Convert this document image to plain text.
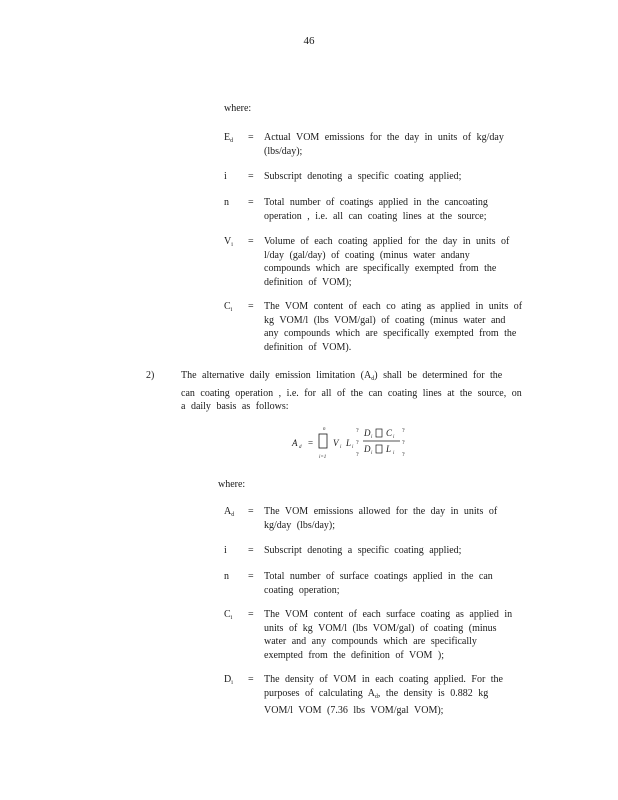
46
where:
$E_d$	=	Actual VOM emissions for the day in units of kg/day
(lbs/day);
i	=	Subscript denoting a specific coating applied;
n	=	Total number of coatings applied in the cancoating
operation , i.e. all can coating lines at the source;
$V_i$	=	Volume of each coating applied for the day in units of
l/day (gal/day) of coating (minus water andany
compounds which are specifically exempted from the
definition of VOM);
$C_i$	=	The VOM content of each co ating as applied in units of
kg VOM/l (lbs VOM/gal) of coating (minus water and
any compounds which are specifically exempted from the
definition of VOM).
2)	The alternative daily emission limitation $(A_d)$ shall be determined for the
can coating operation , i.e. for all of the can coating lines at the source, on
a daily basis as follows:
A d =
n
i=1
V i L i
?
?
?
D i C i
D i L i
?
?
?
where:
$A_d$	=	The VOM emissions allowed for the day in units of
kg/day (lbs/day);
i	=	Subscript denoting a specific coating applied;
n	=	Total number of surface coatings applied in the can
coating operation;
$C_i$	=	The VOM content of each surface coating as applied in
units of kg VOM/l (lbs VOM/gal) of coating (minus
water and any compounds which are specifically
exempted from the definition of VOM );
$D_i$	=	The density of VOM in each coating applied. For the
purposes of calculating $A_d$, the density is 0.882 kg
VOM/l VOM (7.36 lbs VOM/gal VOM);
